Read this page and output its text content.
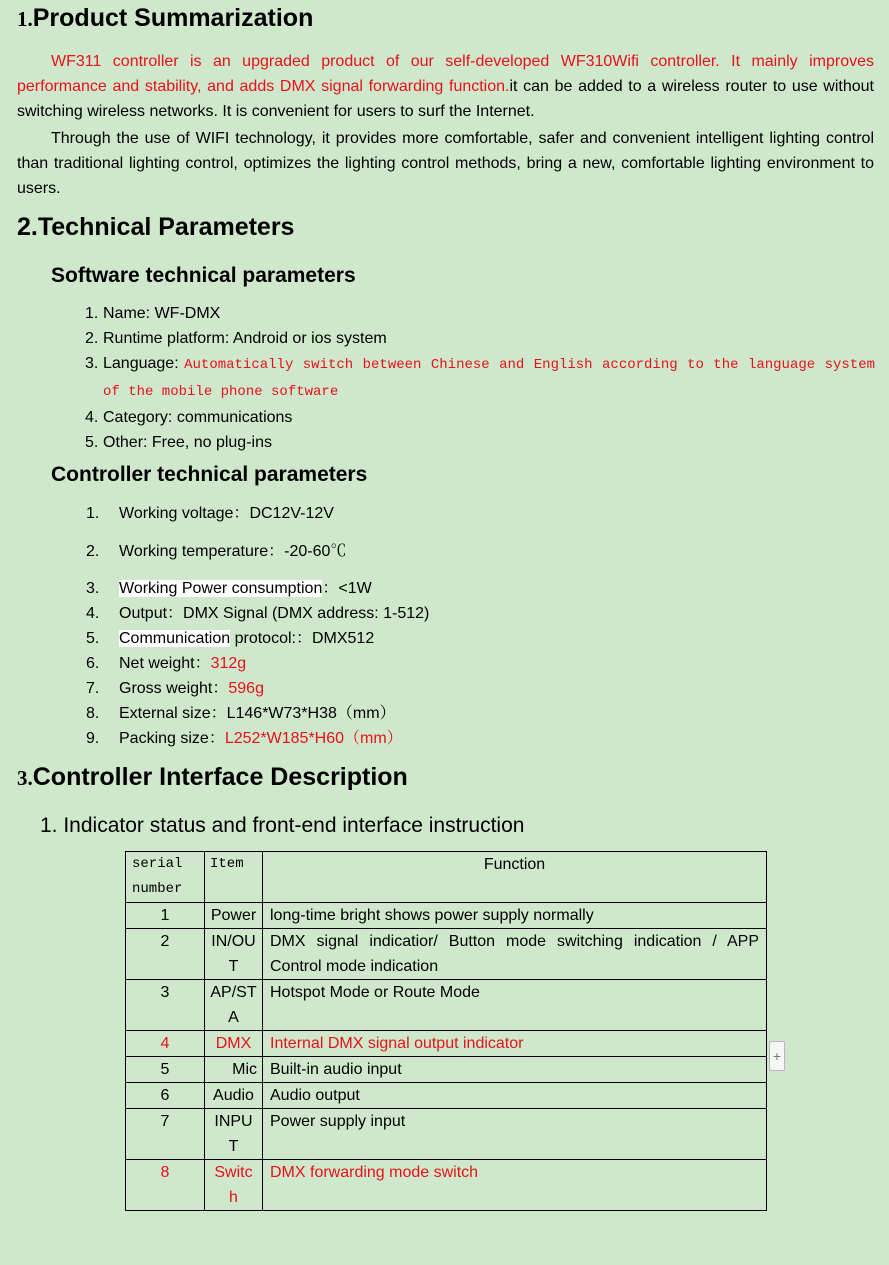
1.Product Summarization
WF311 controller is an upgraded product of our self-developed WF310Wifi controller. It mainly improves performance and stability, and adds DMX signal forwarding function.it can be added to a wireless router to use without switching wireless networks. It is convenient for users to surf the Internet.
Through the use of WIFI technology, it provides more comfortable, safer and convenient intelligent lighting control than traditional lighting control, optimizes the lighting control methods, bring a new, comfortable lighting environment to users.
2.Technical Parameters
Software technical parameters
1. Name: WF-DMX
2. Runtime platform: Android or ios system
3. Language: Automatically switch between Chinese and English according to the language system of the mobile phone software
4. Category: communications
5. Other: Free, no plug-ins
Controller technical parameters
1. Working voltage：DC12V-12V
2. Working temperature：-20-60℃
3. Working Power consumption：<1W
4. Output：DMX Signal (DMX address: 1-512)
5. Communication protocol:：DMX512
6. Net weight：312g
7. Gross weight：596g
8. External size：L146*W73*H38（mm）
9. Packing size：L252*W185*H60（mm）
3.Controller Interface Description
1. Indicator status and front-end interface instruction
serial number	Item	Function
1	Power	long-time bright shows power supply normally
2	IN/OUT	DMX signal indicatior/ Button mode switching indication / APP Control mode indication
3	AP/STA	Hotspot Mode or Route Mode
4	DMX	Internal DMX signal output indicator
5	Mic	Built-in audio input
6	Audio	Audio output
7	INPUT	Power supply input
8	Switch	DMX forwarding mode switch
+
